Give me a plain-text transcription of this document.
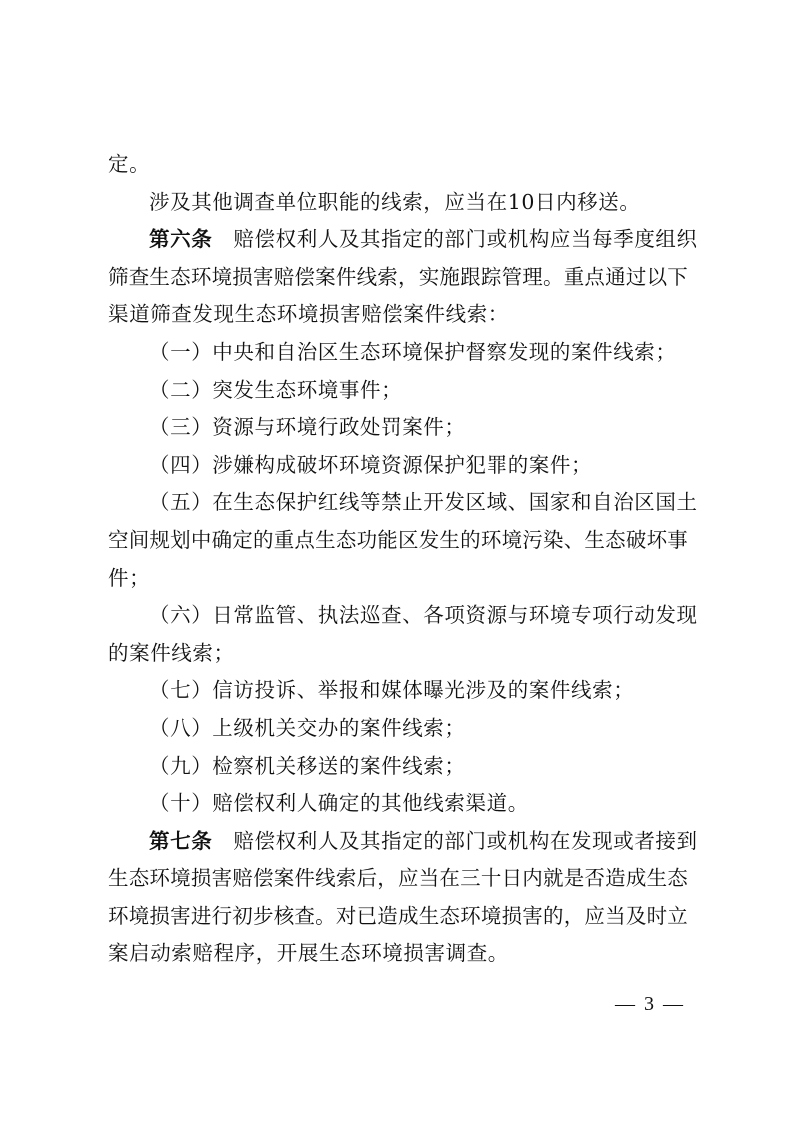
定。
涉及其他调查单位职能的线索，应当在10日内移送。
第六条  赔偿权利人及其指定的部门或机构应当每季度组织
筛查生态环境损害赔偿案件线索，实施跟踪管理。重点通过以下
渠道筛查发现生态环境损害赔偿案件线索：
（一）中央和自治区生态环境保护督察发现的案件线索；
（二）突发生态环境事件；
（三）资源与环境行政处罚案件；
（四）涉嫌构成破坏环境资源保护犯罪的案件；
（五）在生态保护红线等禁止开发区域、国家和自治区国土
空间规划中确定的重点生态功能区发生的环境污染、生态破坏事
件；
（六）日常监管、执法巡查、各项资源与环境专项行动发现
的案件线索；
（七）信访投诉、举报和媒体曝光涉及的案件线索；
（八）上级机关交办的案件线索；
（九）检察机关移送的案件线索；
（十）赔偿权利人确定的其他线索渠道。
第七条  赔偿权利人及其指定的部门或机构在发现或者接到
生态环境损害赔偿案件线索后，应当在三十日内就是否造成生态
环境损害进行初步核查。对已造成生态环境损害的，应当及时立
案启动索赔程序，开展生态环境损害调查。
— 3 —
